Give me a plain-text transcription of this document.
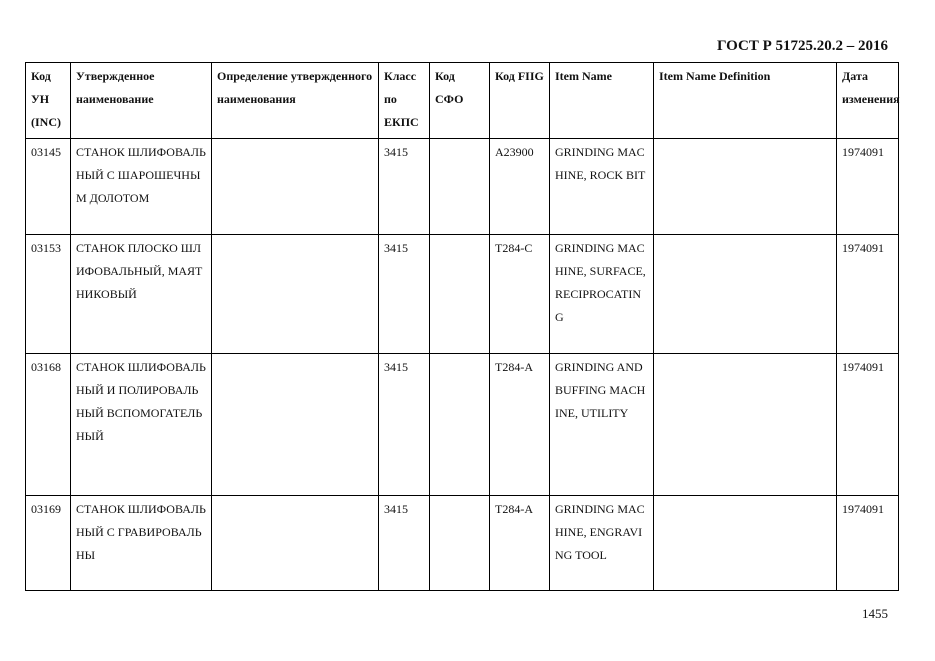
ГОСТ Р 51725.20.2 – 2016
Код УН (INC)	Утвержденное наименование	Определение утвержденного наименования	Класс по ЕКПС	Код СФО	Код FIIG	Item Name	Item Name Definition	Дата изменения
03145	СТАНОК ШЛИФОВАЛЬНЫЙ С ШАРОШЕЧНЫМ ДОЛОТОМ		3415		A23900	GRINDING MACHINE, ROCK BIT		1974091
03153	СТАНОК ПЛОСКО ШЛИФОВАЛЬНЫЙ, МАЯТНИКОВЫЙ		3415		T284-C	GRINDING MACHINE, SURFACE, RECIPROCATING		1974091
03168	СТАНОК ШЛИФОВАЛЬНЫЙ И ПОЛИРОВАЛЬНЫЙ ВСПОМОГАТЕЛЬНЫЙ		3415		T284-A	GRINDING AND BUFFING MACHINE, UTILITY		1974091
03169	СТАНОК ШЛИФОВАЛЬНЫЙ С ГРАВИРОВАЛЬНЫ		3415		T284-A	GRINDING MACHINE, ENGRAVING TOOL		1974091
1455
